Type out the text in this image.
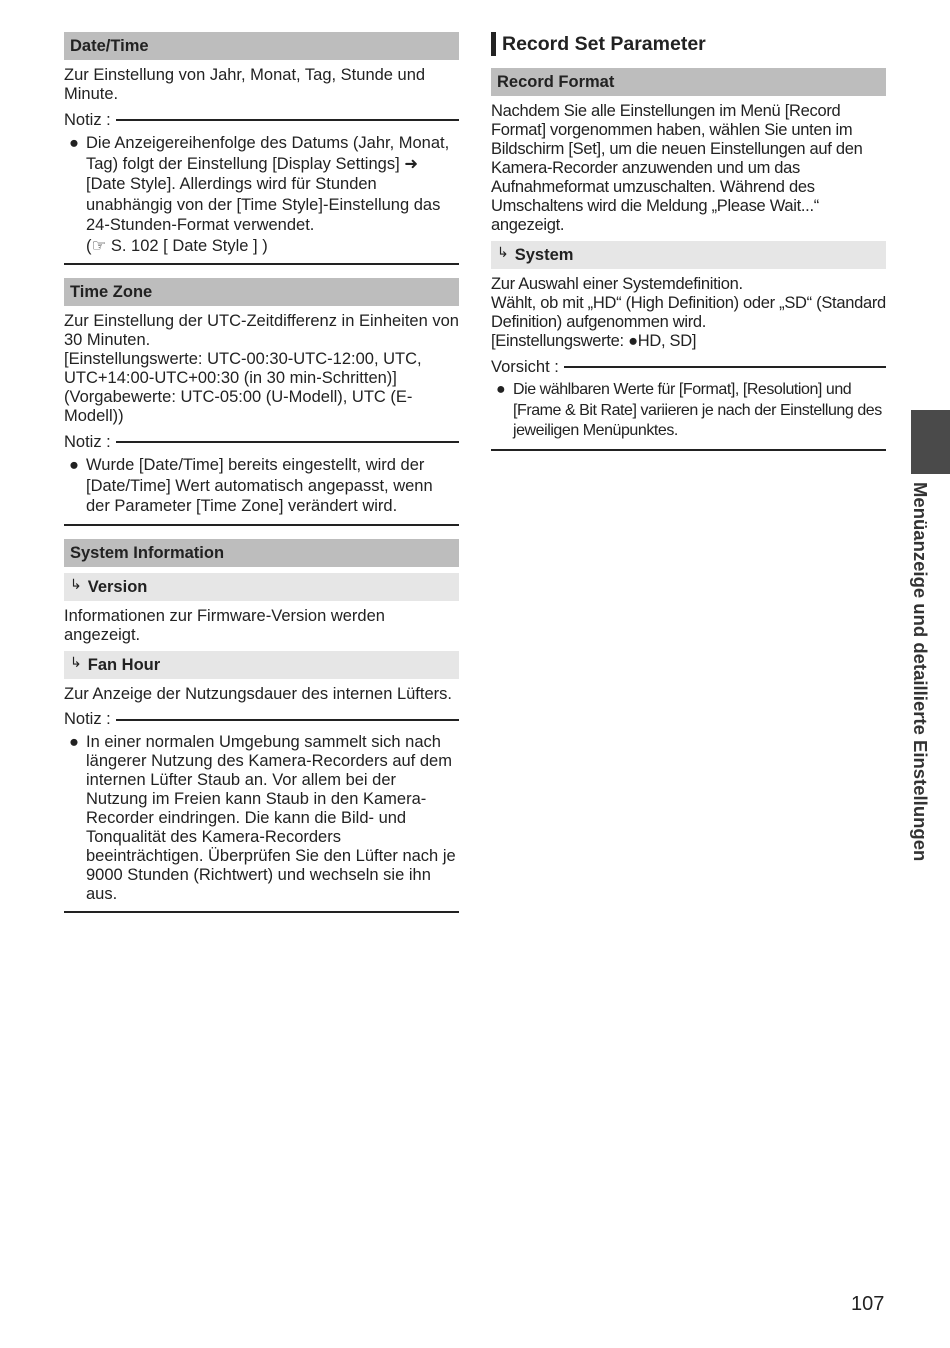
Date/Time

Zur Einstellung von Jahr, Monat, Tag, Stunde und Minute.

Notiz :
● Die Anzeigereihenfolge des Datums (Jahr, Monat, Tag) folgt der Einstellung [Display Settings] ➜ [Date Style]. Allerdings wird für Stunden unabhängig von der [Time Style]-Einstellung das 24-Stunden-Format verwendet.
(☞ S. 102 [ Date Style ] )
Time Zone

Zur Einstellung der UTC-Zeitdifferenz in Einheiten von 30 Minuten.
[Einstellungswerte: UTC-00:30-UTC-12:00, UTC, UTC+14:00-UTC+00:30 (in 30 min-Schritten)]
(Vorgabewerte: UTC-05:00 (U-Modell), UTC (E-Modell))

Notiz :
● Wurde [Date/Time] bereits eingestellt, wird der [Date/Time] Wert automatisch angepasst, wenn der Parameter [Time Zone] verändert wird.
System Information
↳ Version

Informationen zur Firmware-Version werden angezeigt.

↳ Fan Hour

Zur Anzeige der Nutzungsdauer des internen Lüfters.

Notiz :
● In einer normalen Umgebung sammelt sich nach längerer Nutzung des Kamera-Recorders auf dem internen Lüfter Staub an. Vor allem bei der Nutzung im Freien kann Staub in den Kamera-Recorder eindringen. Die kann die Bild- und Tonqualität des Kamera-Recorders beeinträchtigen. Überprüfen Sie den Lüfter nach je 9000 Stunden (Richtwert) und wechseln sie ihn aus.
Record Set Parameter
Record Format

Nachdem Sie alle Einstellungen im Menü [Record Format] vorgenommen haben, wählen Sie unten im Bildschirm [Set], um die neuen Einstellungen auf den Kamera-Recorder anzuwenden und um das Aufnahmeformat umzuschalten. Während des Umschaltens wird die Meldung „Please Wait...“ angezeigt.

↳ System

Zur Auswahl einer Systemdefinition.
Wählt, ob mit „HD“ (High Definition) oder „SD“ (Standard Definition) aufgenommen wird.
[Einstellungswerte: ●HD, SD]

Vorsicht :
● Die wählbaren Werte für [Format], [Resolution] und [Frame & Bit Rate] variieren je nach der Einstellung des jeweiligen Menüpunktes.
Menüanzeige und detaillierte Einstellungen
107
